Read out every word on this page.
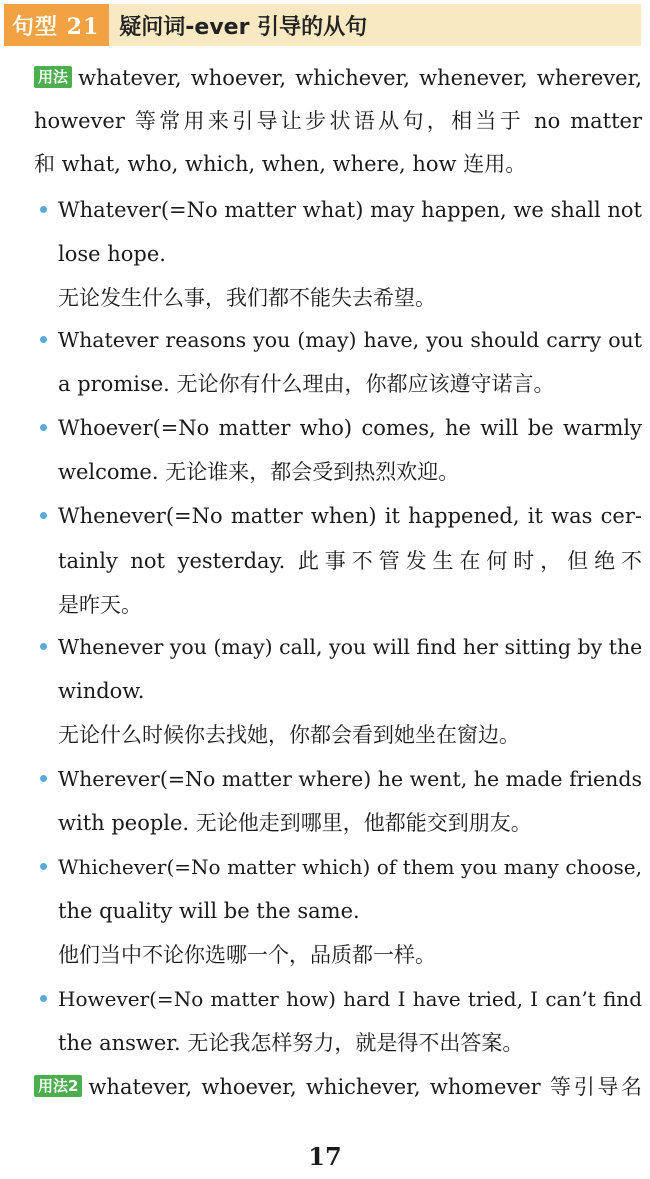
句型 21 疑问词-ever 引导的从句
用法 whatever, whoever, whichever, whenever, wherever,
however 等常用来引导让步状语从句，相当于 no matter
和 what, who, which, when, where, how 连用。
Whatever(=No matter what) may happen, we shall not
lose hope.
无论发生什么事，我们都不能失去希望。
Whatever reasons you (may) have, you should carry out
a promise. 无论你有什么理由，你都应该遵守诺言。
Whoever(=No matter who) comes, he will be warmly
welcome. 无论谁来，都会受到热烈欢迎。
Whenever(=No matter when) it happened, it was cer-
tainly not yesterday. 此事不管发生在何时，但绝不
是昨天。
Whenever you (may) call, you will find her sitting by the
window.
无论什么时候你去找她，你都会看到她坐在窗边。
Wherever(=No matter where) he went, he made friends
with people. 无论他走到哪里，他都能交到朋友。
Whichever(=No matter which) of them you many choose,
the quality will be the same.
他们当中不论你选哪一个，品质都一样。
However(=No matter how) hard I have tried, I can’t find
the answer. 无论我怎样努力，就是得不出答案。
用法2 whatever, whoever, whichever, whomever 等引导名
17
